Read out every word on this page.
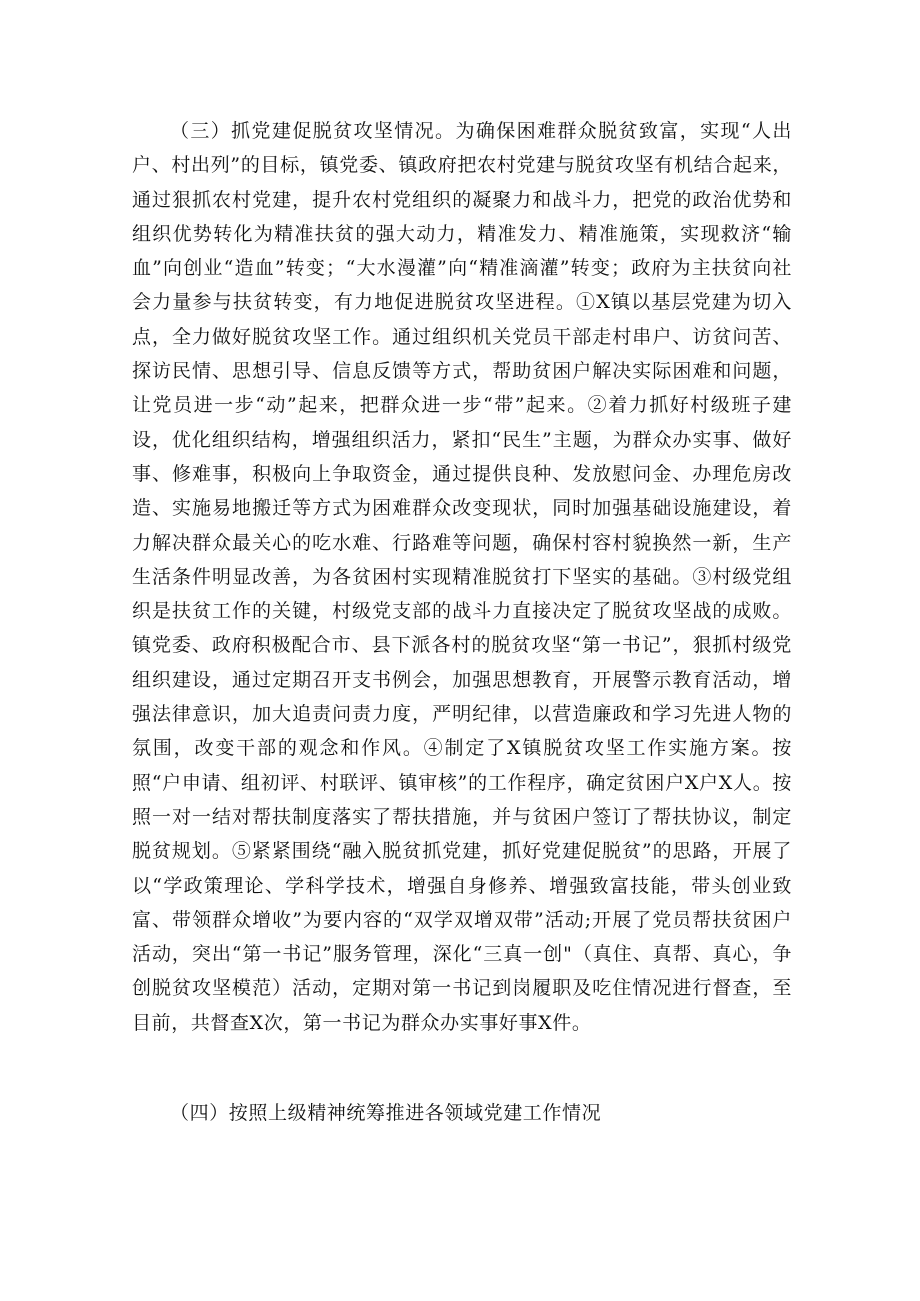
（三）抓党建促脱贫攻坚情况。为确保困难群众脱贫致富，实现“人出户、村出列”的目标，镇党委、镇政府把农村党建与脱贫攻坚有机结合起来，通过狠抓农村党建，提升农村党组织的凝聚力和战斗力，把党的政治优势和组织优势转化为精准扶贫的强大动力，精准发力、精准施策，实现救济“输血”向创业“造血”转变；“大水漫灌”向“精准滴灌”转变；政府为主扶贫向社会力量参与扶贫转变，有力地促进脱贫攻坚进程。①X镇以基层党建为切入点，全力做好脱贫攻坚工作。通过组织机关党员干部走村串户、访贫问苦、探访民情、思想引导、信息反馈等方式，帮助贫困户解决实际困难和问题，让党员进一步“动”起来，把群众进一步“带”起来。②着力抓好村级班子建设，优化组织结构，增强组织活力，紧扣“民生”主题，为群众办实事、做好事、修难事，积极向上争取资金，通过提供良种、发放慰问金、办理危房改造、实施易地搬迁等方式为困难群众改变现状，同时加强基础设施建设，着力解决群众最关心的吃水难、行路难等问题，确保村容村貌换然一新，生产生活条件明显改善，为各贫困村实现精准脱贫打下坚实的基础。③村级党组织是扶贫工作的关键，村级党支部的战斗力直接决定了脱贫攻坚战的成败。镇党委、政府积极配合市、县下派各村的脱贫攻坚“第一书记”，狠抓村级党组织建设，通过定期召开支书例会，加强思想教育，开展警示教育活动，增强法律意识，加大追责问责力度，严明纪律，以营造廉政和学习先进人物的氛围，改变干部的观念和作风。④制定了X镇脱贫攻坚工作实施方案。按照“户申请、组初评、村联评、镇审核”的工作程序，确定贫困户X户X人。按照一对一结对帮扶制度落实了帮扶措施，并与贫困户签订了帮扶协议，制定脱贫规划。⑤紧紧围绕“融入脱贫抓党建，抓好党建促脱贫”的思路，开展了以“学政策理论、学科学技术，增强自身修养、增强致富技能，带头创业致富、带领群众增收”为要内容的“双学双增双带”活动;开展了党员帮扶贫困户活动，突出“第一书记”服务管理，深化“三真一创"（真住、真帮、真心，争创脱贫攻坚模范）活动，定期对第一书记到岗履职及吃住情况进行督查，至目前，共督查X次，第一书记为群众办实事好事X件。

（四）按照上级精神统筹推进各领域党建工作情况
